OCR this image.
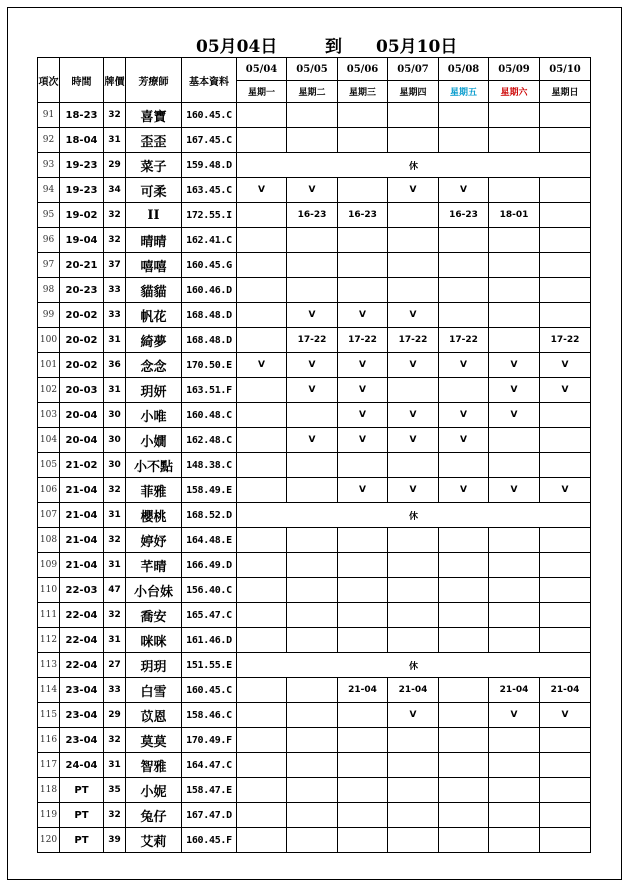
05月04日	到 05月10日
項次	時間	牌價	芳療師	基本資料	05/04	05/05	05/06	05/07	05/08	05/09	05/10
					星期一	星期二	星期三	星期四	星期五	星期六	星期日
91	18-23	32	喜寶	160.45.C							
92	18-04	31	歪歪	167.45.C							
93	19-23	29	菜子	159.48.D	休						
94	19-23	34	可柔	163.45.C	V	V		V	V		
95	19-02	32	II	172.55.I		16-23	16-23		16-23	18-01	
96	19-04	32	晴晴	162.41.C							
97	20-21	37	嘻嘻	160.45.G							
98	20-23	33	貓貓	160.46.D							
99	20-02	33	帆花	168.48.D		V	V	V			
100	20-02	31	綺夢	168.48.D		17-22	17-22	17-22	17-22		17-22
101	20-02	36	念念	170.50.E	V	V	V	V	V	V	V
102	20-03	31	玥妍	163.51.F		V	V			V	V
103	20-04	30	小唯	160.48.C			V	V	V	V	
104	20-04	30	小嫺	162.48.C		V	V	V	V		
105	21-02	30	小不點	148.38.C							
106	21-04	32	菲雅	158.49.E			V	V	V	V	V
107	21-04	31	櫻桃	168.52.D	休						
108	21-04	32	婷妤	164.48.E							
109	21-04	31	芊晴	166.49.D							
110	22-03	47	小台妹	156.40.C							
111	22-04	32	喬安	165.47.C							
112	22-04	31	咪咪	161.46.D							
113	22-04	27	玥玥	151.55.E	休						
114	23-04	33	白雪	160.45.C			21-04	21-04		21-04	21-04
115	23-04	29	苡恩	158.46.C				V		V	V
116	23-04	32	莫莫	170.49.F							
117	24-04	31	智雅	164.47.C							
118	PT	35	小妮	158.47.E							
119	PT	32	兔仔	167.47.D							
120	PT	39	艾莉	160.45.F							
